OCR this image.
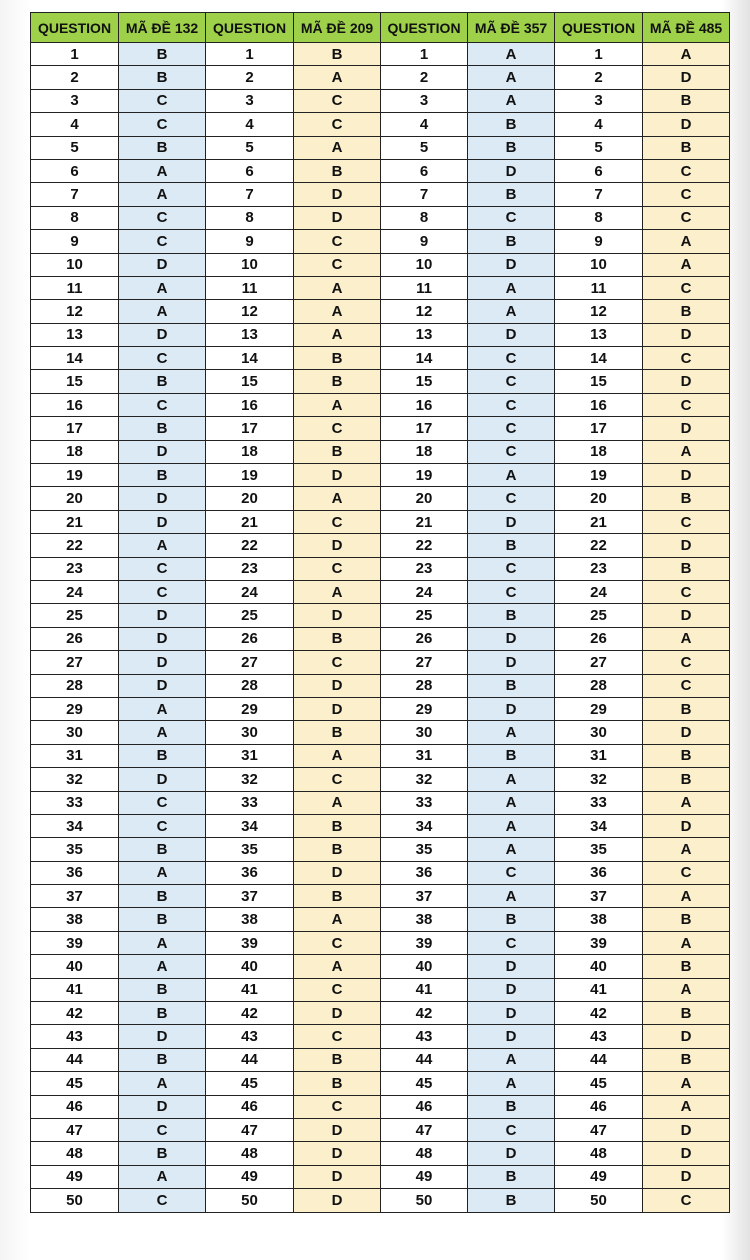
QUESTION	MÃ ĐỀ 132	QUESTION	MÃ ĐỀ 209	QUESTION	MÃ ĐỀ 357	QUESTION	MÃ ĐỀ 485
1	B	1	B	1	A	1	A
2	B	2	A	2	A	2	D
3	C	3	C	3	A	3	B
4	C	4	C	4	B	4	D
5	B	5	A	5	B	5	B
6	A	6	B	6	D	6	C
7	A	7	D	7	B	7	C
8	C	8	D	8	C	8	C
9	C	9	C	9	B	9	A
10	D	10	C	10	D	10	A
11	A	11	A	11	A	11	C
12	A	12	A	12	A	12	B
13	D	13	A	13	D	13	D
14	C	14	B	14	C	14	C
15	B	15	B	15	C	15	D
16	C	16	A	16	C	16	C
17	B	17	C	17	C	17	D
18	D	18	B	18	C	18	A
19	B	19	D	19	A	19	D
20	D	20	A	20	C	20	B
21	D	21	C	21	D	21	C
22	A	22	D	22	B	22	D
23	C	23	C	23	C	23	B
24	C	24	A	24	C	24	C
25	D	25	D	25	B	25	D
26	D	26	B	26	D	26	A
27	D	27	C	27	D	27	C
28	D	28	D	28	B	28	C
29	A	29	D	29	D	29	B
30	A	30	B	30	A	30	D
31	B	31	A	31	B	31	B
32	D	32	C	32	A	32	B
33	C	33	A	33	A	33	A
34	C	34	B	34	A	34	D
35	B	35	B	35	A	35	A
36	A	36	D	36	C	36	C
37	B	37	B	37	A	37	A
38	B	38	A	38	B	38	B
39	A	39	C	39	C	39	A
40	A	40	A	40	D	40	B
41	B	41	C	41	D	41	A
42	B	42	D	42	D	42	B
43	D	43	C	43	D	43	D
44	B	44	B	44	A	44	B
45	A	45	B	45	A	45	A
46	D	46	C	46	B	46	A
47	C	47	D	47	C	47	D
48	B	48	D	48	D	48	D
49	A	49	D	49	B	49	D
50	C	50	D	50	B	50	C
